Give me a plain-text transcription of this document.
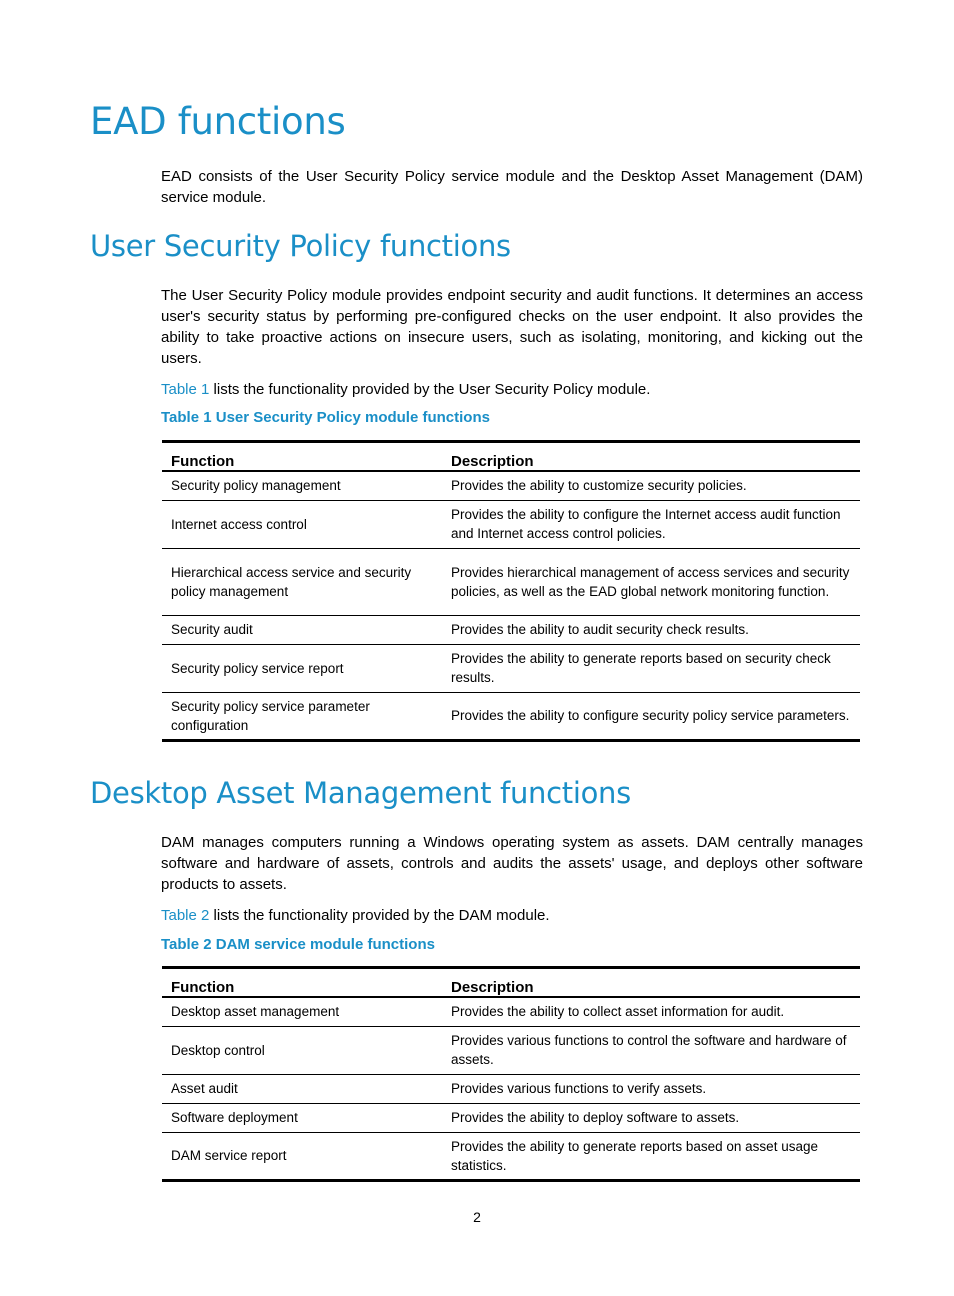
EAD functions

EAD consists of the User Security Policy service module and the Desktop Asset Management (DAM) service module.

User Security Policy functions

The User Security Policy module provides endpoint security and audit functions. It determines an access user's security status by performing pre-configured checks on the user endpoint. It also provides the ability to take proactive actions on insecure users, such as isolating, monitoring, and kicking out the users.

Table 1 lists the functionality provided by the User Security Policy module.

Table 1 User Security Policy module functions

Function	Description
Security policy management	Provides the ability to customize security policies.
Internet access control	Provides the ability to configure the Internet access audit function and Internet access control policies.
Hierarchical access service and security policy management	Provides hierarchical management of access services and security policies, as well as the EAD global network monitoring function.
Security audit	Provides the ability to audit security check results.
Security policy service report	Provides the ability to generate reports based on security check results.
Security policy service parameter configuration	Provides the ability to configure security policy service parameters.
Desktop Asset Management functions

DAM manages computers running a Windows operating system as assets. DAM centrally manages software and hardware of assets, controls and audits the assets' usage, and deploys other software products to assets.

Table 2 lists the functionality provided by the DAM module.

Table 2 DAM service module functions

Function	Description
Desktop asset management	Provides the ability to collect asset information for audit.
Desktop control	Provides various functions to control the software and hardware of assets.
Asset audit	Provides various functions to verify assets.
Software deployment	Provides the ability to deploy software to assets.
DAM service report	Provides the ability to generate reports based on asset usage statistics.
2
